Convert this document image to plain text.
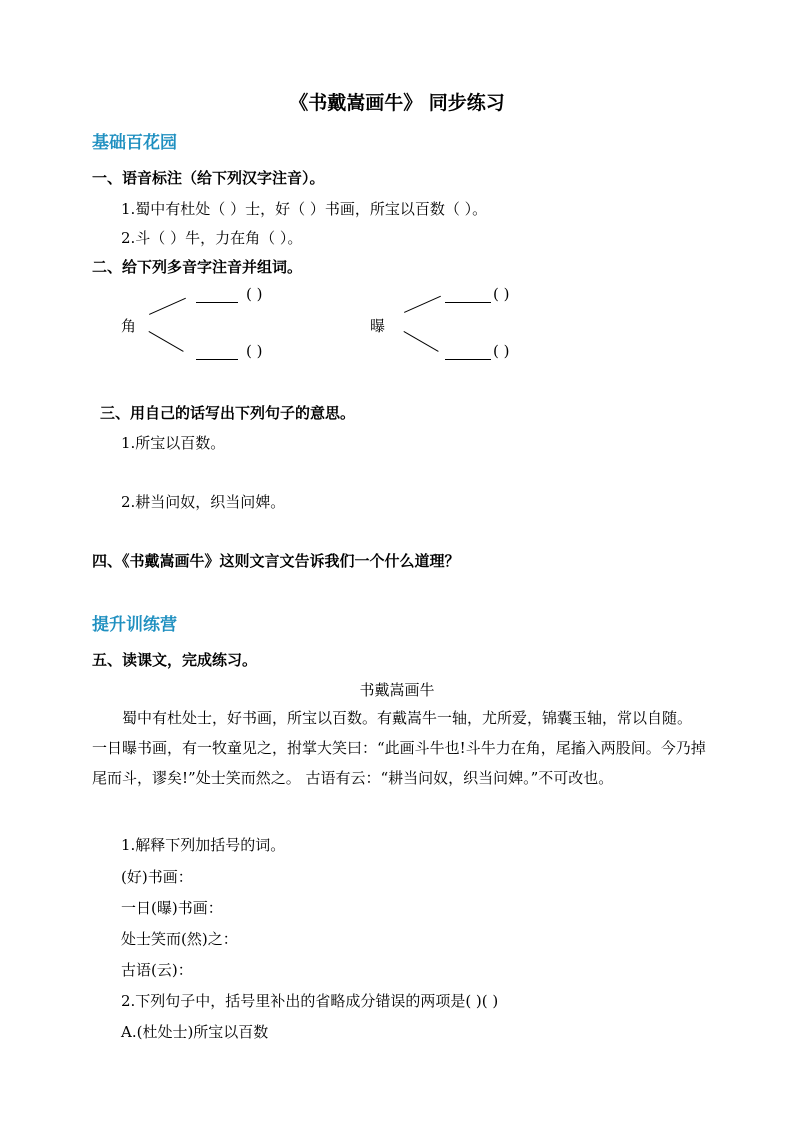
《书戴嵩画牛》 同步练习
基础百花园
一、语音标注（给下列汉字注音）。
1.蜀中有杜处（ ）士，好（ ）书画，所宝以百数（ ）。
2.斗（ ）牛，力在角（ ）。
二、给下列多音字注音并组词。
角
( )
( )
曝
( )
( )
三、用自己的话写出下列句子的意思。
1.所宝以百数。
2.耕当问奴，织当问婢。
四、《书戴嵩画牛》这则文言文告诉我们一个什么道理？
提升训练营
五、读课文，完成练习。
书戴嵩画牛
蜀中有杜处士，好书画，所宝以百数。有戴嵩牛一轴，尤所爱，锦囊玉轴，常以自随。一日曝书画，有一牧童见之，拊掌大笑曰：“此画斗牛也!斗牛力在角，尾搐入两股间。今乃掉尾而斗，谬矣!”处士笑而然之。 古语有云：“耕当问奴，织当问婢。”不可改也。
1.解释下列加括号的词。
(好)书画：
一日(曝)书画：
处士笑而(然)之：
古语(云)：
2.下列句子中，括号里补出的省略成分错误的两项是( )( )
A.(杜处士)所宝以百数
